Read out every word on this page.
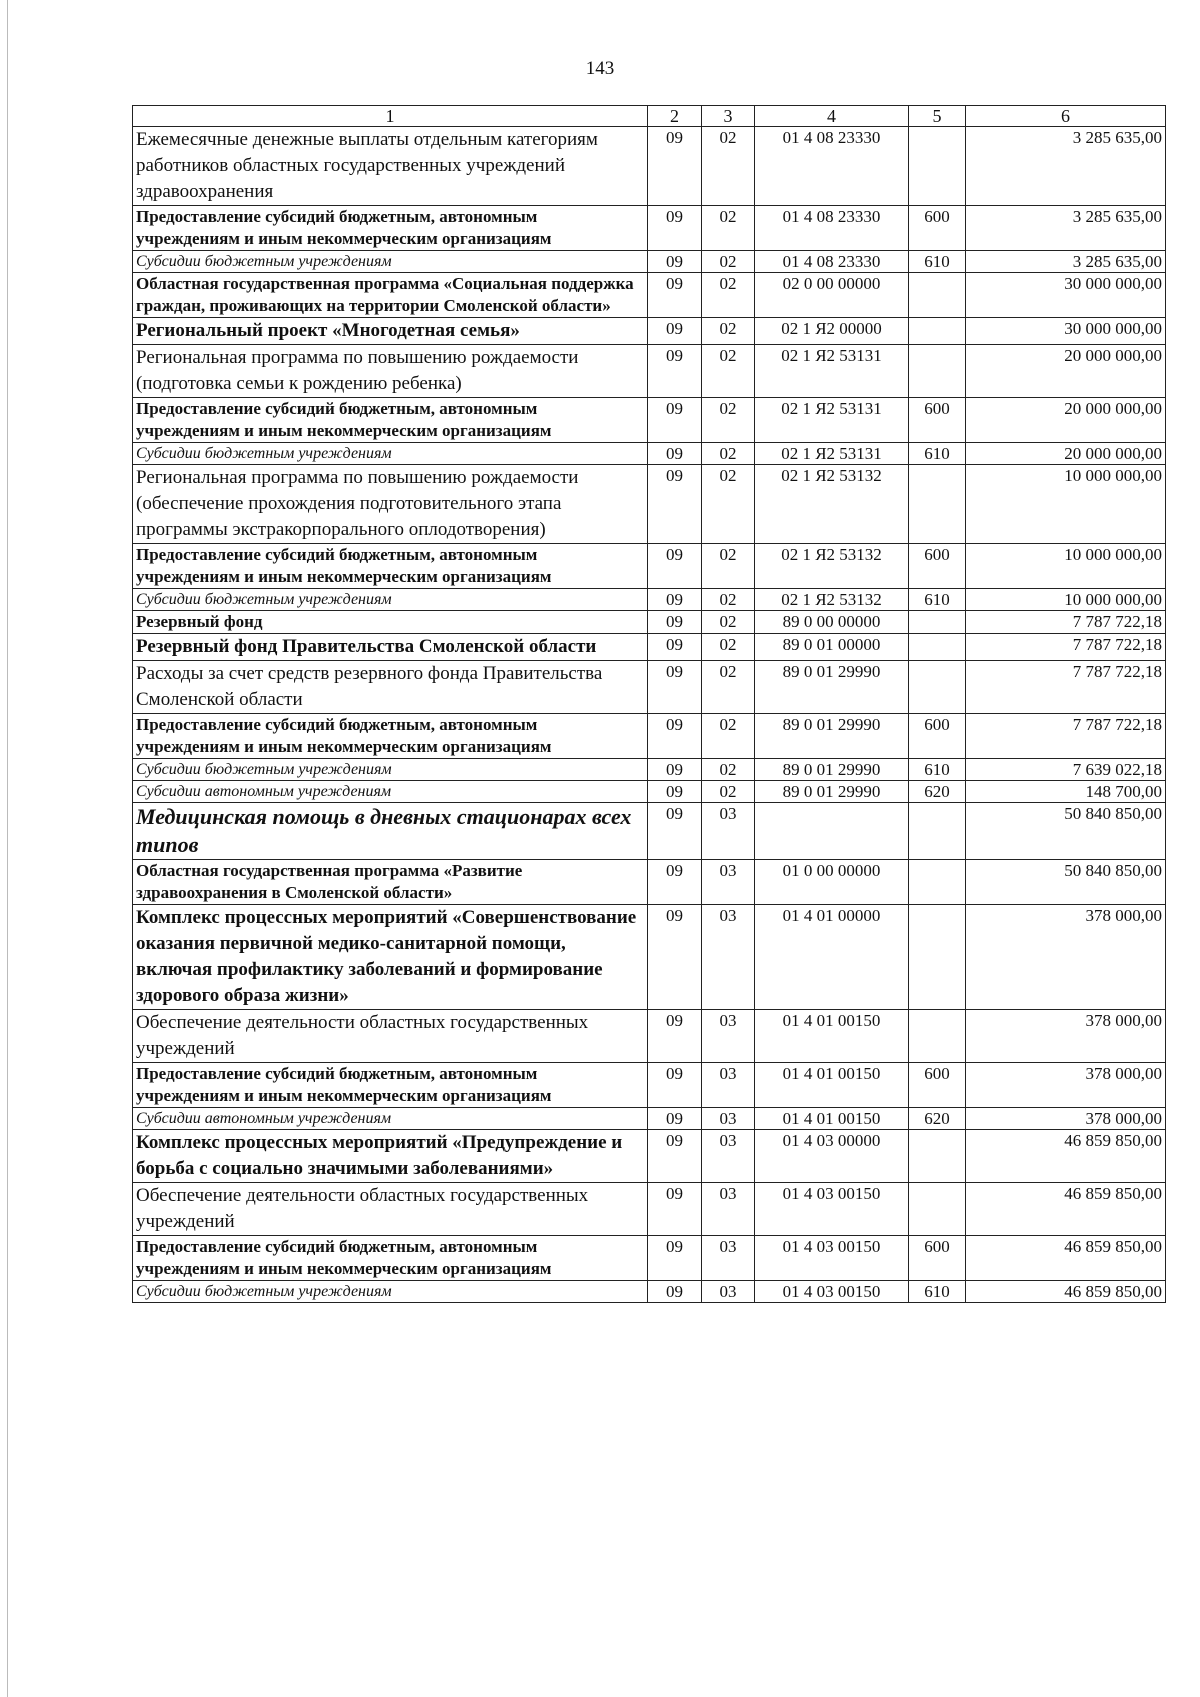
143
1	2	3	4	5	6
Ежемесячные денежные выплаты отдельным категориям работников областных государственных учреждений здравоохранения	09	02	01 4 08 23330		3 285 635,00
Предоставление субсидий бюджетным, автономным учреждениям и иным некоммерческим организациям	09	02	01 4 08 23330	600	3 285 635,00
Субсидии бюджетным учреждениям	09	02	01 4 08 23330	610	3 285 635,00
Областная государственная программа «Социальная поддержка граждан, проживающих на территории Смоленской области»	09	02	02 0 00 00000		30 000 000,00
Региональный проект «Многодетная семья»	09	02	02 1 Я2 00000		30 000 000,00
Региональная программа по повышению рождаемости (подготовка семьи к рождению ребенка)	09	02	02 1 Я2 53131		20 000 000,00
Предоставление субсидий бюджетным, автономным учреждениям и иным некоммерческим организациям	09	02	02 1 Я2 53131	600	20 000 000,00
Субсидии бюджетным учреждениям	09	02	02 1 Я2 53131	610	20 000 000,00
Региональная программа по повышению рождаемости (обеспечение прохождения подготовительного этапа программы экстракорпорального оплодотворения)	09	02	02 1 Я2 53132		10 000 000,00
Предоставление субсидий бюджетным, автономным учреждениям и иным некоммерческим организациям	09	02	02 1 Я2 53132	600	10 000 000,00
Субсидии бюджетным учреждениям	09	02	02 1 Я2 53132	610	10 000 000,00
Резервный фонд	09	02	89 0 00 00000		7 787 722,18
Резервный фонд Правительства Смоленской области	09	02	89 0 01 00000		7 787 722,18
Расходы за счет средств резервного фонда Правительства Смоленской области	09	02	89 0 01 29990		7 787 722,18
Предоставление субсидий бюджетным, автономным учреждениям и иным некоммерческим организациям	09	02	89 0 01 29990	600	7 787 722,18
Субсидии бюджетным учреждениям	09	02	89 0 01 29990	610	7 639 022,18
Субсидии автономным учреждениям	09	02	89 0 01 29990	620	148 700,00
Медицинская помощь в дневных стационарах всех типов	09	03			50 840 850,00
Областная государственная программа «Развитие здравоохранения в Смоленской области»	09	03	01 0 00 00000		50 840 850,00
Комплекс процессных мероприятий «Совершенствование оказания первичной медико-санитарной помощи, включая профилактику заболеваний и формирование здорового образа жизни»	09	03	01 4 01 00000		378 000,00
Обеспечение деятельности областных государственных учреждений	09	03	01 4 01 00150		378 000,00
Предоставление субсидий бюджетным, автономным учреждениям и иным некоммерческим организациям	09	03	01 4 01 00150	600	378 000,00
Субсидии автономным учреждениям	09	03	01 4 01 00150	620	378 000,00
Комплекс процессных мероприятий «Предупреждение и борьба с социально значимыми заболеваниями»	09	03	01 4 03 00000		46 859 850,00
Обеспечение деятельности областных государственных учреждений	09	03	01 4 03 00150		46 859 850,00
Предоставление субсидий бюджетным, автономным учреждениям и иным некоммерческим организациям	09	03	01 4 03 00150	600	46 859 850,00
Субсидии бюджетным учреждениям	09	03	01 4 03 00150	610	46 859 850,00
